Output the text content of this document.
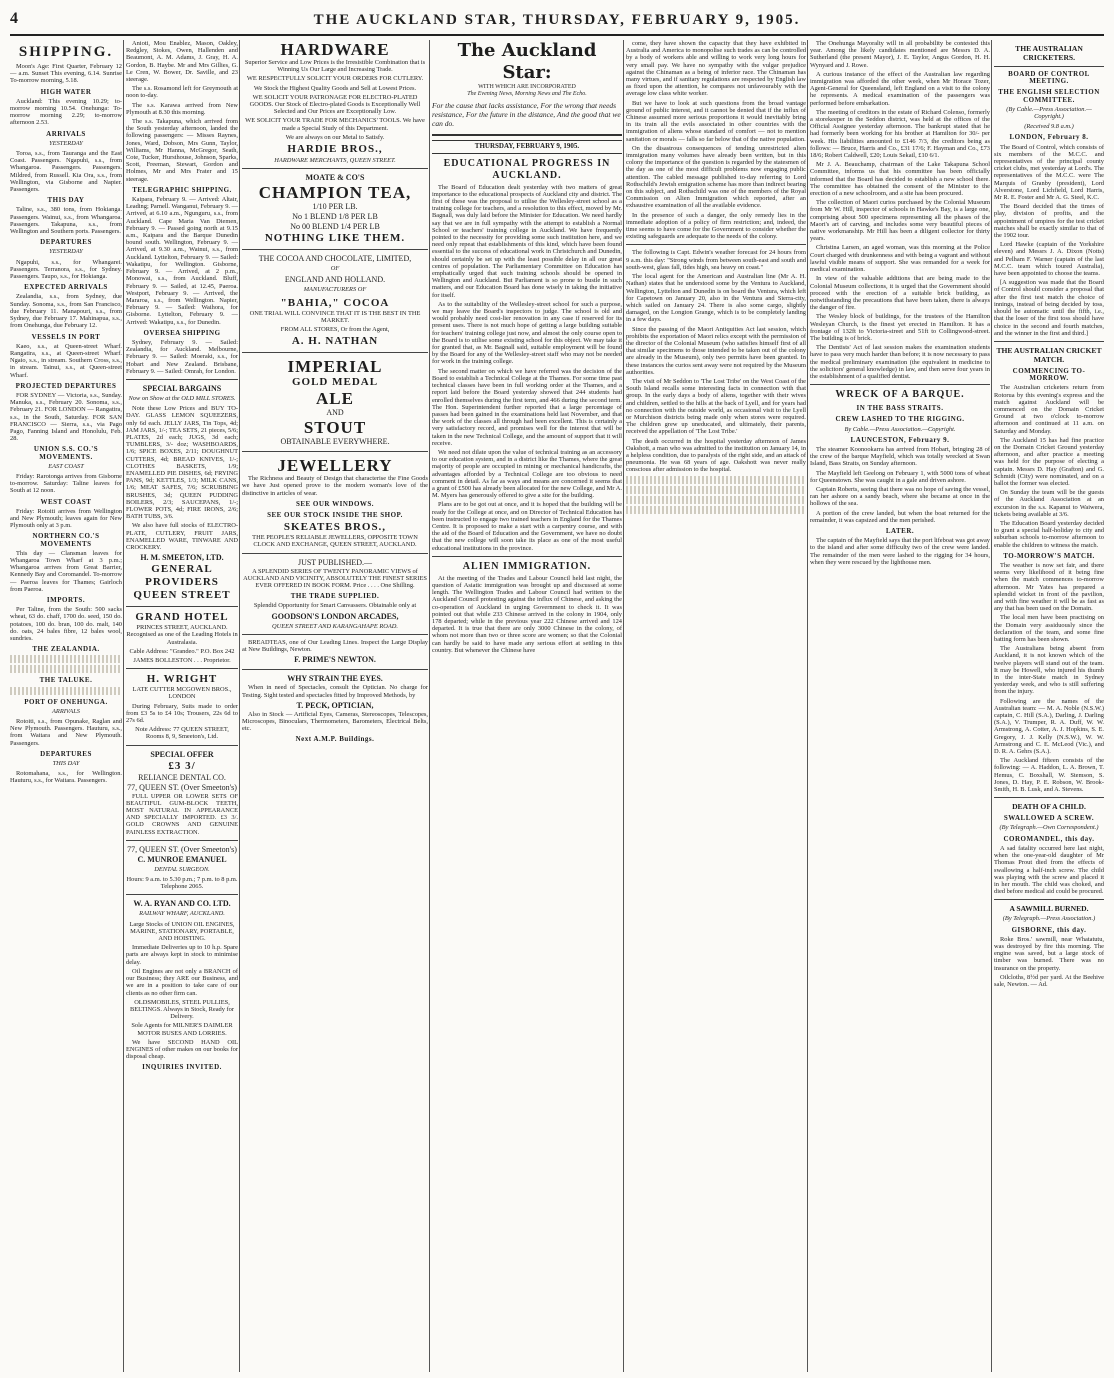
4	THE AUCKLAND STAR, THURSDAY, FEBRUARY 9, 1905.
SHIPPING.

Moon's Age: First Quarter, February 12 — a.m. Sunset This evening, 6.14. Sunrise To-morrow morning, 5.18.

HIGH WATER

Auckland: This evening 10.29; to-morrow morning 10.54. Onehunga: To-morrow morning 2.29; to-morrow afternoon 2.53.

ARRIVALS
YESTERDAY

Toroa, s.s., from Tauranga and the East Coast. Passengers. Ngapuhi, s.s., from Whangaroa. Passengers. Passengers. Mildred, from Russell. Kia Ora, s.s., from Wellington, via Gisborne and Napier. Passengers.

THIS DAY

Taline, s.s., 380 tons, from Hokianga. Passengers. Wainui, s.s., from Whangaroa. Passengers. Takapuna, s.s., from Wellington and Southern ports. Passengers.

DEPARTURES
YESTERDAY

Ngapuhi, s.s., for Whangarei. Passengers. Terranora, s.s., for Sydney. Passengers. Taupo, s.s., for Hokianga.

EXPECTED ARRIVALS

Zealandia, s.s., from Sydney, due Sunday. Sonoma, s.s., from San Francisco, due February 11. Manapouri, s.s., from Sydney, due February 17. Mahinapua, s.s., from Onehunga, due February 12.

VESSELS IN PORT

Kaeo, s.s., at Queen-street Wharf. Rangatira, s.s., at Queen-street Wharf. Ngaio, s.s., in stream. Southern Cross, s.s., in stream. Tainui, s.s., at Queen-street Wharf.

PROJECTED DEPARTURES

FOR SYDNEY — Victoria, s.s., Sunday. Manuka, s.s., February 20. Sonoma, s.s., February 21. FOR LONDON — Rangatira, s.s., in the South, Saturday. FOR SAN FRANCISCO — Sierra, s.s., via Pago Pago, Fanning Island and Honolulu, Feb. 28.

UNION S.S. CO.'S MOVEMENTS.
EAST COAST

Friday: Rarotonga arrives from Gisborne to-morrow. Saturday: Taline leaves for South at 12 noon.

WEST COAST

Friday: Rotoiti arrives from Wellington and New Plymouth; leaves again for New Plymouth only at 3 p.m.

NORTHERN CO.'S MOVEMENTS

This day — Clansman leaves for Whangaroa Town Wharf at 3 p.m.; Whangaroa arrives from Great Barrier, Kennedy Bay and Coromandel. To-morrow — Paeroa leaves for Thames; Gairloch from Paeroa.

IMPORTS.

Per Taline, from the South: 500 sacks wheat, 63 do. chaff, 1700 do. seed, 150 do. potatoes, 100 do. bran, 100 do. malt, 140 do. oats, 24 bales fibre, 12 bales wool, sundries.

THE ZEALANDIA.
THE TALUKE.
PORT OF ONEHUNGA.
ARRIVALS

Rotoiti, s.s., from Opunake, Raglan and New Plymouth. Passengers. Hauturu, s.s., from Waitara and New Plymouth. Passengers.

DEPARTURES
THIS DAY

Rotomahana, s.s., for Wellington. Hauturu, s.s., for Waitara. Passengers.

Anioti, Mou Enablez, Mason, Oakley, Redgley, Stokes, Owen, Hallenden and Beaumont, A. M. Adams, J. Gray, H. A. Gordon, B. Haybe. Mr and Mrs Gillies, G. Le Cren, W. Bower, Dr. Saville, and 23 steerage.

The s.s. Rosamond left for Greymouth at noon to-day.

The s.s. Karawa arrived from New Plymouth at 8.30 this morning.

The s.s. Takapuna, which arrived from the South yesterday afternoon, landed the following passengers: — Misses Raynes, Jones, Ward, Dobson, Mrs Gunn, Taylor, Williams, Mr Hanna, McGregor, Seath, Cote, Tucker, Hursthouse, Johnson, Sparks, Scott, Freeman, Stewart, Gordon and Holmes, Mr and Mrs Frater and 15 steerage.

TELEGRAPHIC SHIPPING.

Kaipara, February 9. — Arrived: Altair, Leading; Parnell. Wanganui, February 9. — Arrived, at 6.10 a.m., Ngunguru, s.s., from Auckland. Cape Maria Van Diemen, February 9. — Passed going north at 9.15 a.m., Kaipara and the Barque Dunedin bound south. Wellington, February 9. — Arrived, at 9.30 a.m., Wainui, s.s., from Auckland. Lyttelton, February 9. — Sailed: Wakatipu, for Wellington. Gisborne, February 9. — Arrived, at 2 p.m., Monowai, s.s., from Auckland. Bluff, February 9. — Sailed, at 12.45, Paeroa. Westport, February 9. — Arrived, the Mararoa, s.s., from Wellington. Napier, February 9. — Sailed: Waihora, for Gisborne. Lyttelton, February 9. — Arrived: Wakatipu, s.s., for Dunedin.

OVERSEA SHIPPING

Sydney, February 9. — Sailed: Zealandia, for Auckland. Melbourne, February 9. — Sailed: Moeraki, s.s., for Hobart and New Zealand. Brisbane, February 9. — Sailed: Omrah, for London.

SPECIAL BARGAINS
Now on Show at the OLD MILL STORES.

Note these Low Prices and BUY TO-DAY. GLASS LEMON SQUEEZERS, only 6d each. JELLY JARS, Tin Tops, 4d; JAM JARS, 1/-; TEA SETS, 21 pieces, 5/6; PLATES, 2d each; JUGS, 3d each; TUMBLERS, 3/- doz; WASHBOARDS, 1/6; SPICE BOXES, 2/11; DOUGHNUT CUTTERS, 4d; BREAD KNIVES, 1/-; CLOTHES BASKETS, 1/9; ENAMELLED PIE DISHES, 6d; FRYING PANS, 9d; KETTLES, 1/3; MILK CANS, 1/6; MEAT SAFES, 7/6; SCRUBBING BRUSHES, 3d; QUEEN PUDDING BOILERS, 2/3; SAUCEPANS, 1/-; FLOWER POTS, 4d; FIRE IRONS, 2/6; BATH TUBS, 3/6.

We also have full stocks of ELECTRO-PLATE, CUTLERY, FRUIT JARS, ENAMELLED WARE, TINWARE AND CROCKERY.

H. M. SMEETON, LTD.
GENERAL
PROVIDERS
QUEEN STREET
GRAND HOTEL

PRINCES STREET, AUCKLAND. Recognised as one of the Leading Hotels in Australasia.

Cable Address: "Grandeo." P.O. Box 242

JAMES BOLLESTON . . . Proprietor.

H. WRIGHT

LATE CUTTER MCGOWEN BROS., LONDON

During February, Suits made to order from £3 5s to £4 10s; Trousers, 22s 6d to 27s 6d.

Note Address: 77 QUEEN STREET, Rooms 8, 9, Smeeton's, Ltd.

SPECIAL OFFER
£3 3/
RELIANCE DENTAL CO.
77, QUEEN ST. (Over Smeeton's)

FULL UPPER OR LOWER SETS OF BEAUTIFUL GUM-BLOCK TEETH, MOST NATURAL IN APPEARANCE AND SPECIALLY IMPORTED. £3 3/. GOLD CROWNS AND GENUINE PAINLESS EXTRACTION.

77, QUEEN ST. (Over Smeeton's)
C. MUNROE EMANUEL
DENTAL SURGEON.

Hours: 9 a.m. to 5.30 p.m.; 7 p.m. to 8 p.m. Telephone 2065.

W. A. RYAN AND CO. LTD.
RAILWAY WHARF, AUCKLAND.

Large Stocks of UNION OIL ENGINES, MARINE, STATIONARY, PORTABLE, AND HOISTING.

Immediate Deliveries up to 10 h.p. Spare parts are always kept in stock to minimise delay.

Oil Engines are not only a BRANCH of our Business; they ARE our Business, and we are in a position to take care of our clients as no other firm can.

OLDSMOBILES, STEEL PULLIES, BELTINGS. Always in Stock, Ready for Delivery.

Sole Agents for MILNER'S DAIMLER MOTOR BUSES AND LORRIES.

We have SECOND HAND OIL ENGINES of other makes on our books for disposal cheap.

INQUIRIES INVITED.
HARDWARE

Superior Service and Low Prices is the Irresistible Combination that is Winning Us Our Large and Increasing Trade.

WE RESPECTFULLY SOLICIT YOUR ORDERS FOR CUTLERY.

We Stock the Highest Quality Goods and Sell at Lowest Prices.

WE SOLICIT YOUR PATRONAGE FOR ELECTRO-PLATED GOODS. Our Stock of Electro-plated Goods is Exceptionally Well Selected and Our Prices are Exceptionally Low.

WE SOLICIT YOUR TRADE FOR MECHANICS' TOOLS. We have made a Special Study of this Department.

We are always on our Metal to Satisfy.

HARDIE BROS.,
HARDWARE MERCHANTS, QUEEN STREET.
MOATE & CO'S
CHAMPION TEA,
1/10 PER LB.
No 1 BLEND 1/8 PER LB
No 00 BLEND 1/4 PER LB
NOTHING LIKE THEM.
THE COCOA AND CHOCOLATE, LIMITED,
OF
ENGLAND AND HOLLAND.
MANUFACTURERS OF
"BAHIA," COCOA

ONE TRIAL WILL CONVINCE THAT IT IS THE BEST IN THE MARKET.

FROM ALL STORES, Or from the Agent,

A. H. NATHAN
IMPERIAL
GOLD MEDAL
ALE
AND
STOUT
OBTAINABLE EVERYWHERE.
JEWELLERY

The Richness and Beauty of Design that characterise the Fine Goods we have Just opened prove to the modern woman's love of the distinctive in articles of wear.

SEE OUR WINDOWS.
SEE OUR STOCK INSIDE THE SHOP.
SKEATES BROS.,

THE PEOPLE'S RELIABLE JEWELLERS, OPPOSITE TOWN CLOCK AND EXCHANGE, QUEEN STREET, AUCKLAND.

JUST PUBLISHED.—

A SPLENDID SERIES OF TWENTY PANORAMIC VIEWS of AUCKLAND AND VICINITY, ABSOLUTELY THE FINEST SERIES EVER OFFERED IN BOOK FORM. Price . . . . One Shilling.

THE TRADE SUPPLIED.

Splendid Opportunity for Smart Canvassers. Obtainable only at

GOODSON'S LONDON ARCADES,
QUEEN STREET AND KARANGAHAPE ROAD.

BREADTEAS, one of Our Leading Lines. Inspect the Large Display at New Buildings, Newton.

F. PRIME'S NEWTON.
WHY STRAIN THE EYES.

When in need of Spectacles, consult the Optician. No charge for Testing. Sight tested and spectacles fitted by Improved Methods, by

T. PECK, OPTICIAN,

Also in Stock — Artificial Eyes, Cameras, Stereoscopes, Telescopes, Microscopes, Binoculars, Thermometers, Barometers, Electrical Belts, etc.

Next A.M.P. Buildings.
The Auckland Star:
WITH WHICH ARE INCORPORATED
The Evening News, Morning News and The Echo.
For the cause that lacks assistance, For the wrong that needs resistance, For the future in the distance, And the good that we can do.
THURSDAY, FEBRUARY 9, 1905.
EDUCATIONAL PROGRESS IN AUCKLAND.

The Board of Education dealt yesterday with two matters of great importance to the educational prospects of Auckland city and district. The first of these was the proposal to utilise the Wellesley-street school as a training college for teachers, and a resolution to this effect, moved by Mr. Bagnall, was duly laid before the Minister for Education. We need hardly say that we are in full sympathy with the attempt to establish a Normal School or teachers' training college in Auckland. We have frequently pointed to the necessity for providing some such institution here, and we need only repeat that establishments of this kind, which have been found essential to the success of educational work in Christchurch and Dunedin, should certainly be set up with the least possible delay in all our great centres of population. The Parliamentary Committee on Education has emphatically urged that such training schools should be opened in Wellington and Auckland. But Parliament is so prone to bustle in such matters, and our Education Board has done wisely in taking the initiative for itself.

As to the suitability of the Wellesley-street school for such a purpose, we may leave the Board's inspectors to judge. The school is old and would probably need cost-lier renovation in any case if reserved for its present uses. There is not much hope of getting a large building suitable for teachers' training college just now, and almost the only course open to the Board is to utilise some existing school for this object. We may take it for granted that, as Mr. Bagnall said, suitable employment will be found by the Board for any of the Wellesley-street staff who may not be needed for work in the training college.

The second matter on which we have referred was the decision of the Board to establish a Technical College at the Thames. For some time past technical classes have been in full working order at the Thames, and a report laid before the Board yesterday showed that 244 students had enrolled themselves during the first term, and 466 during the second term. The Hon. Superintendent further reported that a large percentage of passes had been gained in the examinations held last November, and that the work of the classes all through had been excellent. This is certainly a very satisfactory record, and promises well for the interest that will be taken in the new Technical College, and the amount of support that it will receive.

We need not dilate upon the value of technical training as an accessory to our education system, and in a district like the Thames, where the great majority of people are occupied in mining or mechanical handicrafts, the advantages afforded by a Technical College are too obvious to need comment in detail. As far as ways and means are concerned it seems that a grant of £500 has already been allocated for the new College, and Mr A. M. Myers has generously offered to give a site for the building.

Plans are to be got out at once, and it is hoped that the building will be ready for the College at once, and on Director of Technical Education has been instructed to engage two trained teachers in England for the Thames Centre. It is proposed to make a start with a carpentry course, and with the aid of the Board of Education and the Government, we have no doubt that the new college will soon take its place as one of the most useful educational institutions in the province.

ALIEN IMMIGRATION.

At the meeting of the Trades and Labour Council held last night, the question of Asiatic immigration was brought up and discussed at some length. The Wellington Trades and Labour Council had written to the Auckland Council protesting against the influx of Chinese, and asking the co-operation of Auckland in urging Government to check it. It was pointed out that while 233 Chinese arrived in the colony in 1904, only 178 departed; while in the previous year 222 Chinese arrived and 124 departed. It is true that there are only 3000 Chinese in the colony, of whom not more than two or three score are women; so that the Colonial can hardly be said to have made any serious effort at settling in this country. But whenever the Chinese have

come, they have shown the capacity that they have exhibited in Australia and America to monopolise such trades as can be controlled by a body of workers able and willing to work very long hours for very small pay. We have no sympathy with the vulgar prejudice against the Chinaman as a being of inferior race. The Chinaman has many virtues, and if sanitary regulations are respected by English law as fixed upon the attention, he compares not unfavourably with the average low class white worker.

But we have to look at such questions from the broad vantage ground of public interest, and it cannot be denied that if the influx of Chinese assumed more serious proportions it would inevitably bring in its train all the evils associated in other countries with the immigration of aliens whose standard of comfort — not to mention sanitation or morals — falls so far below that of the native population.

On the disastrous consequences of tending unrestricted alien immigration many volumes have already been written, but in this colony the importance of the question is regarded by the statesmen of the day as one of the most difficult problems now engaging public attention. The cabled message published to-day referring to Lord Rothschild's Jewish emigration scheme has more than indirect bearing on this subject, and Rothschild was one of the members of the Royal Commission on Alien Immigration which reported, after an exhaustive examination of all the available evidence.

In the presence of such a danger, the only remedy lies in the immediate adoption of a policy of firm restriction; and, indeed, the time seems to have come for the Government to consider whether the existing safeguards are adequate to the needs of the colony.

The following is Capt. Edwin's weather forecast for 24 hours from 9 a.m. this day: "Strong winds from between south-east and south and south-west, glass fall, tides high, sea heavy on coast."

The local agent for the American and Australian line (Mr A. H. Nathan) states that he understood some by the Ventura to Auckland, Wellington, Lyttelton and Dunedin is on board the Ventura, which left for Capetown on January 20, also in the Ventura and Sierra-city, which sailed on January 24. There is also some cargo, slightly damaged, on the Longton Grange, which is to be completely landing in a few days.

Since the passing of the Maori Antiquities Act last session, which prohibits the exportation of Maori relics except with the permission of the director of the Colonial Museum (who satisfies himself first of all that similar specimens to those intended to be taken out of the colony are already in the Museum), only two permits have been granted. In these instances the curios sent away were not required by the Museum authorities.

The visit of Mr Seddon to 'The Lost Tribe' on the West Coast of the South Island recalls some interesting facts in connection with that group. In the early days a body of aliens, together with their wives and children, settled to the hills at the back of Lyell, and for years had no connection with the outside world, as occasional visit to the Lyell or Murchison districts being made only when stores were required. The children grew up uneducated, and ultimately, their parents, received the appellation of 'The Lost Tribe.'

The death occurred in the hospital yesterday afternoon of James Oakshott, a man who was admitted to the institution on January 14, in a helpless condition, due to paralysis of the right side, and an attack of pneumonia. He was 68 years of age. Oakshott was never really conscious after admission to the hospital.

The Onehunga Mayoralty will in all probability be contested this year. Among the likely candidates mentioned are Messrs D. A. Sutherland (the present Mayor), J. E. Taylor, Angus Gordon, H. H. Wynyard and J. Rowe.

A curious instance of the effect of the Australian law regarding immigration was afforded the other week, when Mr Horace Tozer, Agent-General for Queensland, left England on a visit to the colony he represents. A medical examination of the passengers was performed before embarkation.

The meeting of creditors in the estate of Richard Colenso, formerly a storekeeper in the Seddon district, was held at the offices of the Official Assignee yesterday afternoon. The bankrupt stated that he had formerly been working for his brother at Hamilton for 30/- per week. His liabilities amounted to £146 7/3, the creditors being as follows: — Bruce, Harris and Co., £31 17/6; F. Hayman and Co., £73 18/6; Robert Caldwell, £20; Louis Sekail, £10 6/1.

Mr J. A. Beauchamp, chairman of the Lake Takapuna School Committee, informs us that his committee has been officially informed that the Board has decided to establish a new school there. The committee has obtained the consent of the Minister to the erection of a new schoolroom, and a site has been procured.

The collection of Maori curios purchased by the Colonial Museum from Mr W. Hill, inspector of schools in Hawke's Bay, is a large one, comprising about 500 specimens representing all the phases of the Maori's art of carving, and includes some very beautiful pieces of native workmanship. Mr Hill has been a diligent collector for thirty years.

Christina Larsen, an aged woman, was this morning at the Police Court charged with drunkenness and with being a vagrant and without lawful visible means of support. She was remanded for a week for medical examination.

In view of the valuable additions that are being made to the Colonial Museum collections, it is urged that the Government should proceed with the erection of a suitable brick building, as notwithstanding the precautions that have been taken, there is always the danger of fire.

The Wesley block of buildings, for the trustees of the Hamilton Wesleyan Church, is the finest yet erected in Hamilton. It has a frontage of 132ft to Victoria-street and 51ft to Collingwood-street. The building is of brick.

The Dentists' Act of last session makes the examination students have to pass very much harder than before; it is now necessary to pass the medical preliminary examination (the equivalent in medicine to the solicitors' general knowledge) in law, and then serve four years in the establishment of a qualified dentist.

WRECK OF A BARQUE.
IN THE BASS STRAITS.
CREW LASHED TO THE RIGGING.
By Cable.—Press Association.—Copyright.
LAUNCESTON, February 9.

The steamer Koonookarra has arrived from Hobart, bringing 28 of the crew of the barque Mayfield, which was totally wrecked at Swan Island, Bass Straits, on Sunday afternoon.

The Mayfield left Geelong on February 1, with 5000 tons of wheat for Queenstown. She was caught in a gale and driven ashore.

Captain Roberts, seeing that there was no hope of saving the vessel, ran her ashore on a sandy beach, where she became at once in the hollows of the sea.

A portion of the crew landed, but when the boat returned for the remainder, it was capsized and the men perished.

LATER.

The captain of the Mayfield says that the port lifeboat was got away to the island and after some difficulty two of the crew were landed. The remainder of the men were lashed to the rigging for 34 hours, when they were rescued by the lighthouse men.

THE AUSTRALIAN CRICKETERS.
BOARD OF CONTROL MEETING.
THE ENGLISH SELECTION COMMITTEE.
(By Cable.—Press Association.—Copyright.)
(Received 9.8 a.m.)
LONDON, February 8.

The Board of Control, which consists of six members of the M.C.C. and representatives of the principal county cricket clubs, met yesterday at Lord's. The representatives of the M.C.C. were The Marquis of Granby (president), Lord Alverstone, Lord Lichfield, Lord Harris, Mr R. E. Foster and Mr A. G. Steel, K.C.

The Board decided that the times of play, division of profits, and the appointment of umpires for the test cricket matches shall be exactly similar to that of the 1902 tour.

Lord Hawke (captain of the Yorkshire eleven) and Messrs J. A. Dixon (Notts) and Pelham F. Warner (captain of the last M.C.C. team which toured Australia), have been appointed to choose the teams.

[A suggestion was made that the Board of Control should consider a proposal that after the first test match the choice of innings, instead of being decided by toss, should be automatic until the fifth, i.e., that the loser of the first toss should have choice in the second and fourth matches, and the winner in the first and third.]

THE AUSTRALIAN CRICKET MATCH.
COMMENCING TO-MORROW.

The Australian cricketers return from Rotorua by this evening's express and the match against Auckland will be commenced on the Domain Cricket Ground at two o'clock to-morrow afternoon and continued at 11 a.m. on Saturday and Monday.

The Auckland 15 has had fine practice on the Domain Cricket Ground yesterday afternoon, and after practice a meeting was held for the purpose of electing a captain. Messrs D. Hay (Grafton) and G. Schmidt (City) were nominated, and on a ballot the former was elected.

On Sunday the team will be the guests of the Auckland Association at an excursion in the s.s. Kapanui to Waiwera, tickets being available at 3/6.

The Education Board yesterday decided to grant a special half-holiday to city and suburban schools to-morrow afternoon to enable the children to witness the match.

TO-MORROW'S MATCH.

The weather is now set fair, and there seems very likelihood of it being fine when the match commences to-morrow afternoon. Mr Yates has prepared a splendid wicket in front of the pavilion, and with fine weather it will be as fast as any that has been used on the Domain.

The local men have been practising on the Domain very assiduously since the declaration of the team, and some fine batting form has been shown.

The Australians being absent from Auckland, it is not known which of the twelve players will stand out of the team. It may be Howell, who injured his thumb in the inter-State match in Sydney yesterday week, and who is still suffering from the injury.

Following are the names of the Australian team: — M. A. Noble (N.S.W.) captain, C. Hill (S.A.), Darling, J. Darling (S.A.), V. Trumper, R. A. Duff, W. W. Armstrong, A. Cotter, A. J. Hopkins, S. E. Gregory, J. J. Kelly (N.S.W.), W. W. Armstrong and C. E. McLeod (Vic.), and D. R. A. Gehrs (S.A.).

The Auckland fifteen consists of the following: — A. Haddon, L. A. Brown, T. Hemus, C. Boxshall, W. Stemson, S. Jones, D. Hay, P. E. Robson, W. Brook-Smith, H. B. Lusk, and A. Stevens.

DEATH OF A CHILD.
SWALLOWED A SCREW.
(By Telegraph.—Own Correspondent.)
COROMANDEL, this day.

A sad fatality occurred here last night, when the one-year-old daughter of Mr Thomas Prout died from the effects of swallowing a half-inch screw. The child was playing with the screw and placed it in her mouth. The child was choked, and died before medical aid could be procured.

A SAWMILL BURNED.
(By Telegraph.—Press Association.)
GISBORNE, this day.

Roke Bros.' sawmill, near Whatatutu, was destroyed by fire this morning. The engine was saved, but a large stock of timber was burned. There was no insurance on the property.

Oilcloths, 8½d per yard. At the Beehive sale, Newton. — Ad.
